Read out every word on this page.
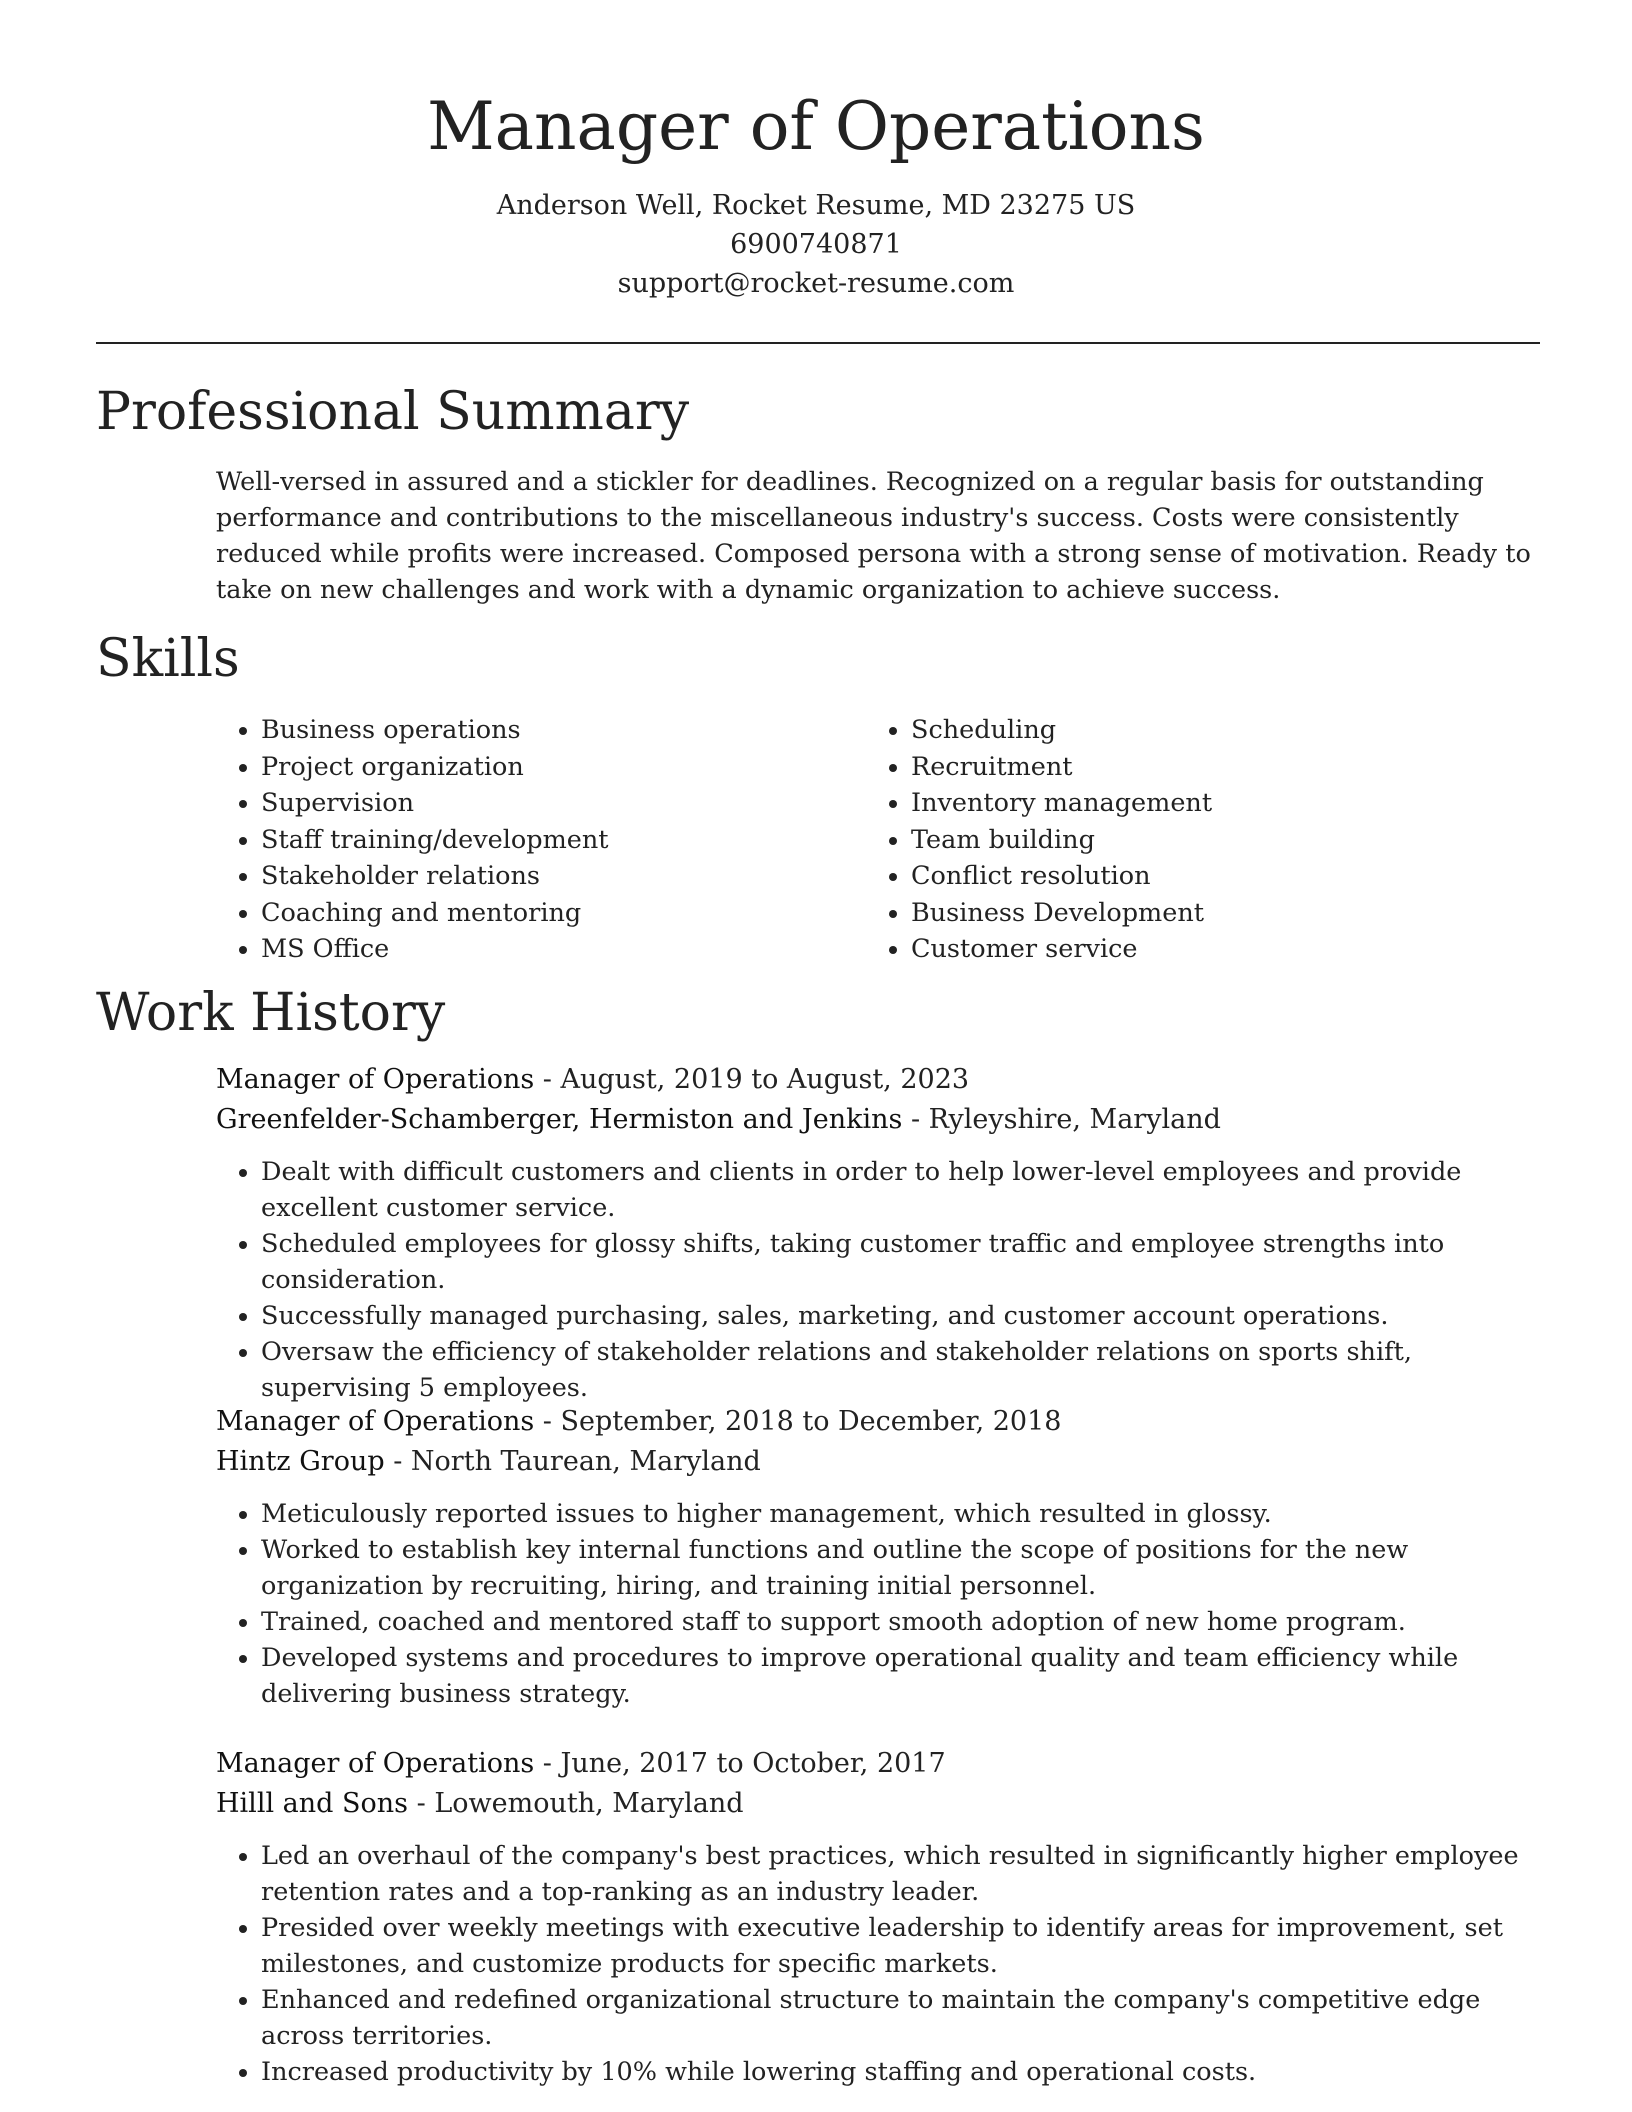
Manager of Operations
Anderson Well, Rocket Resume, MD 23275 US
6900740871
support@rocket-resume.com
Professional Summary

Well-versed in assured and a stickler for deadlines. Recognized on a regular basis for outstanding performance and contributions to the miscellaneous industry's success. Costs were consistently reduced while profits were increased. Composed persona with a strong sense of motivation. Ready to take on new challenges and work with a dynamic organization to achieve success.

Skills
• Business operations
• Project organization
• Supervision
• Staff training/development
• Stakeholder relations
• Coaching and mentoring
• MS Office
• Scheduling
• Recruitment
• Inventory management
• Team building
• Conflict resolution
• Business Development
• Customer service
Work History

Manager of Operations - August, 2019 to August, 2023

Greenfelder-Schamberger, Hermiston and Jenkins - Ryleyshire, Maryland

• Dealt with difficult customers and clients in order to help lower-level employees and provide excellent customer service.
• Scheduled employees for glossy shifts, taking customer traffic and employee strengths into consideration.
• Successfully managed purchasing, sales, marketing, and customer account operations.
• Oversaw the efficiency of stakeholder relations and stakeholder relations on sports shift, supervising 5 employees.

Manager of Operations - September, 2018 to December, 2018

Hintz Group - North Taurean, Maryland

• Meticulously reported issues to higher management, which resulted in glossy.
• Worked to establish key internal functions and outline the scope of positions for the new organization by recruiting, hiring, and training initial personnel.
• Trained, coached and mentored staff to support smooth adoption of new home program.
• Developed systems and procedures to improve operational quality and team efficiency while delivering business strategy.

Manager of Operations - June, 2017 to October, 2017

Hilll and Sons - Lowemouth, Maryland

• Led an overhaul of the company's best practices, which resulted in significantly higher employee retention rates and a top-ranking as an industry leader.
• Presided over weekly meetings with executive leadership to identify areas for improvement, set milestones, and customize products for specific markets.
• Enhanced and redefined organizational structure to maintain the company's competitive edge across territories.
• Increased productivity by 10% while lowering staffing and operational costs.
